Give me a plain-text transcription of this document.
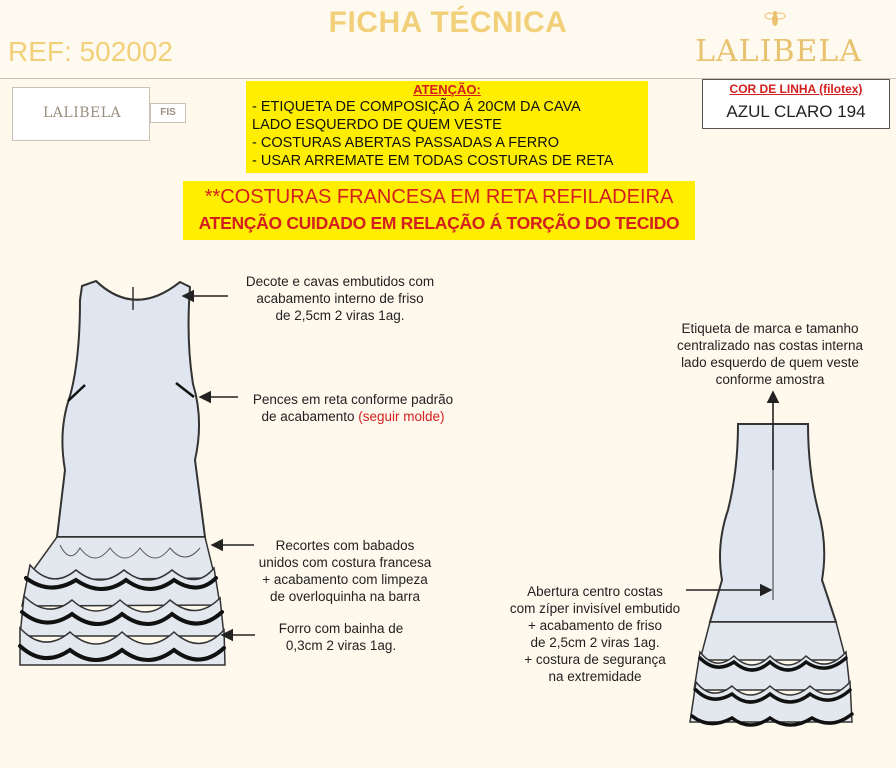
FICHA TÉCNICA
REF: 502002	LALIBELA
LALIBELA	FIS
ATENÇÃO:
- ETIQUETA DE COMPOSIÇÃO Á 20CM DA CAVA
LADO ESQUERDO DE QUEM VESTE
- COSTURAS ABERTAS PASSADAS A FERRO
- USAR ARREMATE EM TODAS COSTURAS DE RETA
COR DE LINHA (filotex)
AZUL CLARO 194
**COSTURAS FRANCESA EM RETA REFILADEIRA
ATENÇÃO CUIDADO EM RELAÇÃO Á TORÇÃO DO TECIDO
Decote e cavas embutidos com
acabamento interno de friso
de 2,5cm 2 viras 1ag.
Pences em reta conforme padrão
de acabamento (seguir molde)
Recortes com babados
unidos com costura francesa
+ acabamento com limpeza
de overloquinha na barra
Forro com bainha de
0,3cm 2 viras 1ag.
Etiqueta de marca e tamanho
centralizado nas costas interna
lado esquerdo de quem veste
conforme amostra
Abertura centro costas
com zíper invisível embutido
+ acabamento de friso
de 2,5cm 2 viras 1ag.
+ costura de segurança
na extremidade
